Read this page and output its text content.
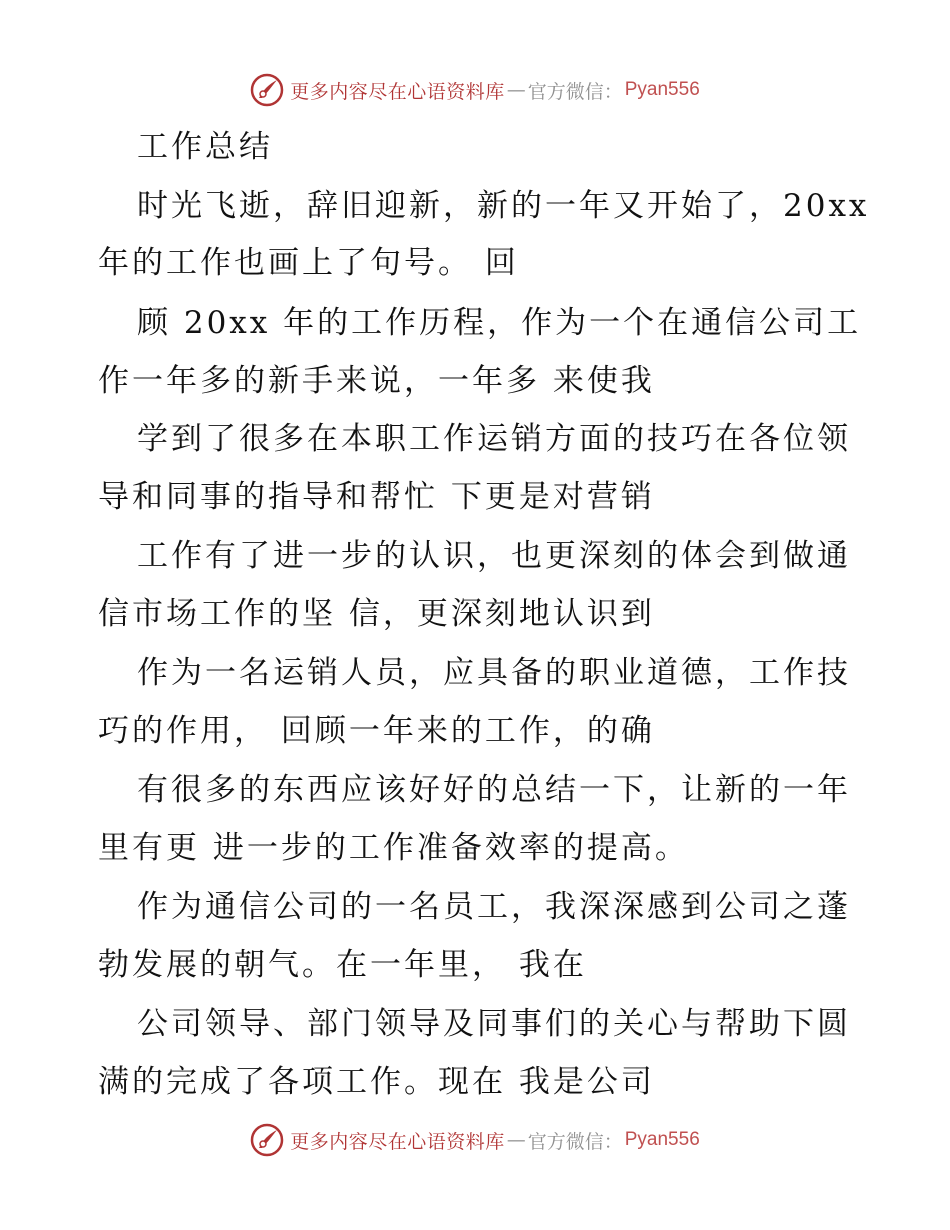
更多内容尽在心语资料库 — 官方微信： Pyan556
工作总结
时光飞逝，辞旧迎新，新的一年又开始了，20xx
年的工作也画上了句号。 回
顾 20xx 年的工作历程，作为一个在通信公司工
作一年多的新手来说，一年多 来使我
学到了很多在本职工作运销方面的技巧在各位领
导和同事的指导和帮忙 下更是对营销
工作有了进一步的认识，也更深刻的体会到做通
信市场工作的坚 信，更深刻地认识到
作为一名运销人员，应具备的职业道德，工作技
巧的作用， 回顾一年来的工作，的确
有很多的东西应该好好的总结一下，让新的一年
里有更 进一步的工作准备效率的提高。
作为通信公司的一名员工，我深深感到公司之蓬
勃发展的朝气。在一年里， 我在
公司领导、部门领导及同事们的关心与帮助下圆
满的完成了各项工作。现在 我是公司
更多内容尽在心语资料库 — 官方微信： Pyan556
